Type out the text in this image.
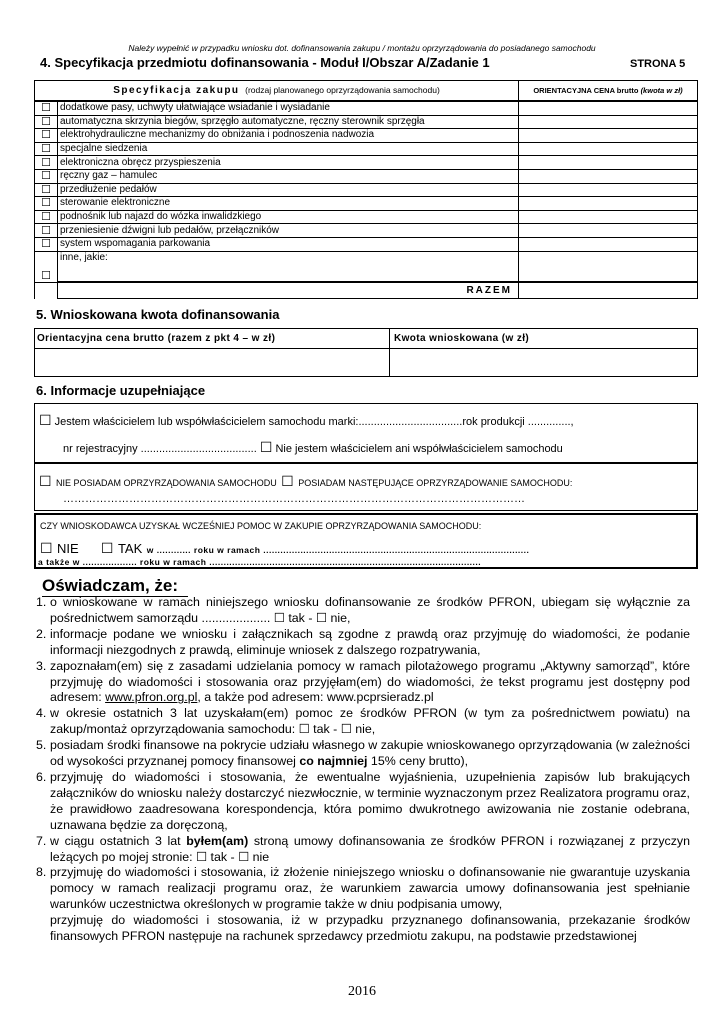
Należy wypełnić w przypadku wniosku dot. dofinansowania zakupu / montażu oprzyrządowania do posiadanego samochodu
4. Specyfikacja przedmiotu dofinansowania - Moduł I/Obszar A/Zadanie 1	STRONA 5
Specyfikacja zakupu (rodzaj planowanego oprzyrządowania samochodu)		ORIENTACYJNA CENA brutto (kwota w zł)
☐	dodatkowe pasy, uchwyty ułatwiające wsiadanie i wysiadanie	
☐	automatyczna skrzynia biegów, sprzęgło automatyczne, ręczny sterownik sprzęgła	
☐	elektrohydrauliczne mechanizmy do obniżania i podnoszenia nadwozia	
☐	specjalne siedzenia	
☐	elektroniczna obręcz przyspieszenia	
☐	ręczny gaz – hamulec	
☐	przedłużenie pedałów	
☐	sterowanie elektroniczne	
☐	podnośnik lub najazd do wózka inwalidzkiego	
☐	przeniesienie dźwigni lub pedałów, przełączników	
☐	system wspomagania parkowania	
☐	inne, jakie:	
	RAZEM	
5. Wnioskowana kwota dofinansowania
Orientacyjna cena brutto (razem z pkt 4 – w zł)	Kwota wnioskowana (w zł)

6. Informacje uzupełniające
☐ Jestem właścicielem lub współwłaścicielem samochodu marki:..................................rok produkcji ..............,
nr rejestracyjny ...................................... ☐ Nie jestem właścicielem ani współwłaścicielem samochodu
☐ NIE POSIADAM OPRZYRZĄDOWANIA SAMOCHODU ☐ POSIADAM NASTĘPUJĄCE OPRZYRZĄDOWANIE SAMOCHODU:
………………………………………………………………………………………………………………
CZY WNIOSKODAWCA UZYSKAŁ WCZEŚNIEJ POMOC W ZAKUPIE OPRZYRZĄDOWANIA SAMOCHODU:
☐ NIE ☐ TAK w ............ roku w ramach .............................................................................................
a także w ................... roku w ramach ...............................................................................................
Oświadczam, że:
1. o wnioskowane w ramach niniejszego wniosku dofinansowanie ze środków PFRON, ubiegam się wyłącznie za pośrednictwem samorządu .................... ☐ tak - ☐ nie,
2. informacje podane we wniosku i załącznikach są zgodne z prawdą oraz przyjmuję do wiadomości, że podanie informacji niezgodnych z prawdą, eliminuje wniosek z dalszego rozpatrywania,
3. zapoznałam(em) się z zasadami udzielania pomocy w ramach pilotażowego programu „Aktywny samorząd”, które przyjmuję do wiadomości i stosowania oraz przyjęłam(em) do wiadomości, że tekst programu jest dostępny pod adresem: www.pfron.org.pl, a także pod adresem: www.pcprsieradz.pl
4. w okresie ostatnich 3 lat uzyskałam(em) pomoc ze środków PFRON (w tym za pośrednictwem powiatu) na zakup/montaż oprzyrządowania samochodu: ☐ tak - ☐ nie,
5. posiadam środki finansowe na pokrycie udziału własnego w zakupie wnioskowanego oprzyrządowania (w zależności od wysokości przyznanej pomocy finansowej co najmniej 15% ceny brutto),
6. przyjmuję do wiadomości i stosowania, że ewentualne wyjaśnienia, uzupełnienia zapisów lub brakujących załączników do wniosku należy dostarczyć niezwłocznie, w terminie wyznaczonym przez Realizatora programu oraz, że prawidłowo zaadresowana korespondencja, która pomimo dwukrotnego awizowania nie zostanie odebrana, uznawana będzie za doręczoną,
7. w ciągu ostatnich 3 lat byłem(am) stroną umowy dofinansowania ze środków PFRON i rozwiązanej z przyczyn leżących po mojej stronie: ☐ tak - ☐ nie
8. przyjmuję do wiadomości i stosowania, iż złożenie niniejszego wniosku o dofinansowanie nie gwarantuje uzyskania pomocy w ramach realizacji programu oraz, że warunkiem zawarcia umowy dofinansowania jest spełnianie warunków uczestnictwa określonych w programie także w dniu podpisania umowy,
przyjmuję do wiadomości i stosowania, iż w przypadku przyznanego dofinansowania, przekazanie środków finansowych PFRON następuje na rachunek sprzedawcy przedmiotu zakupu, na podstawie przedstawionej
2016
